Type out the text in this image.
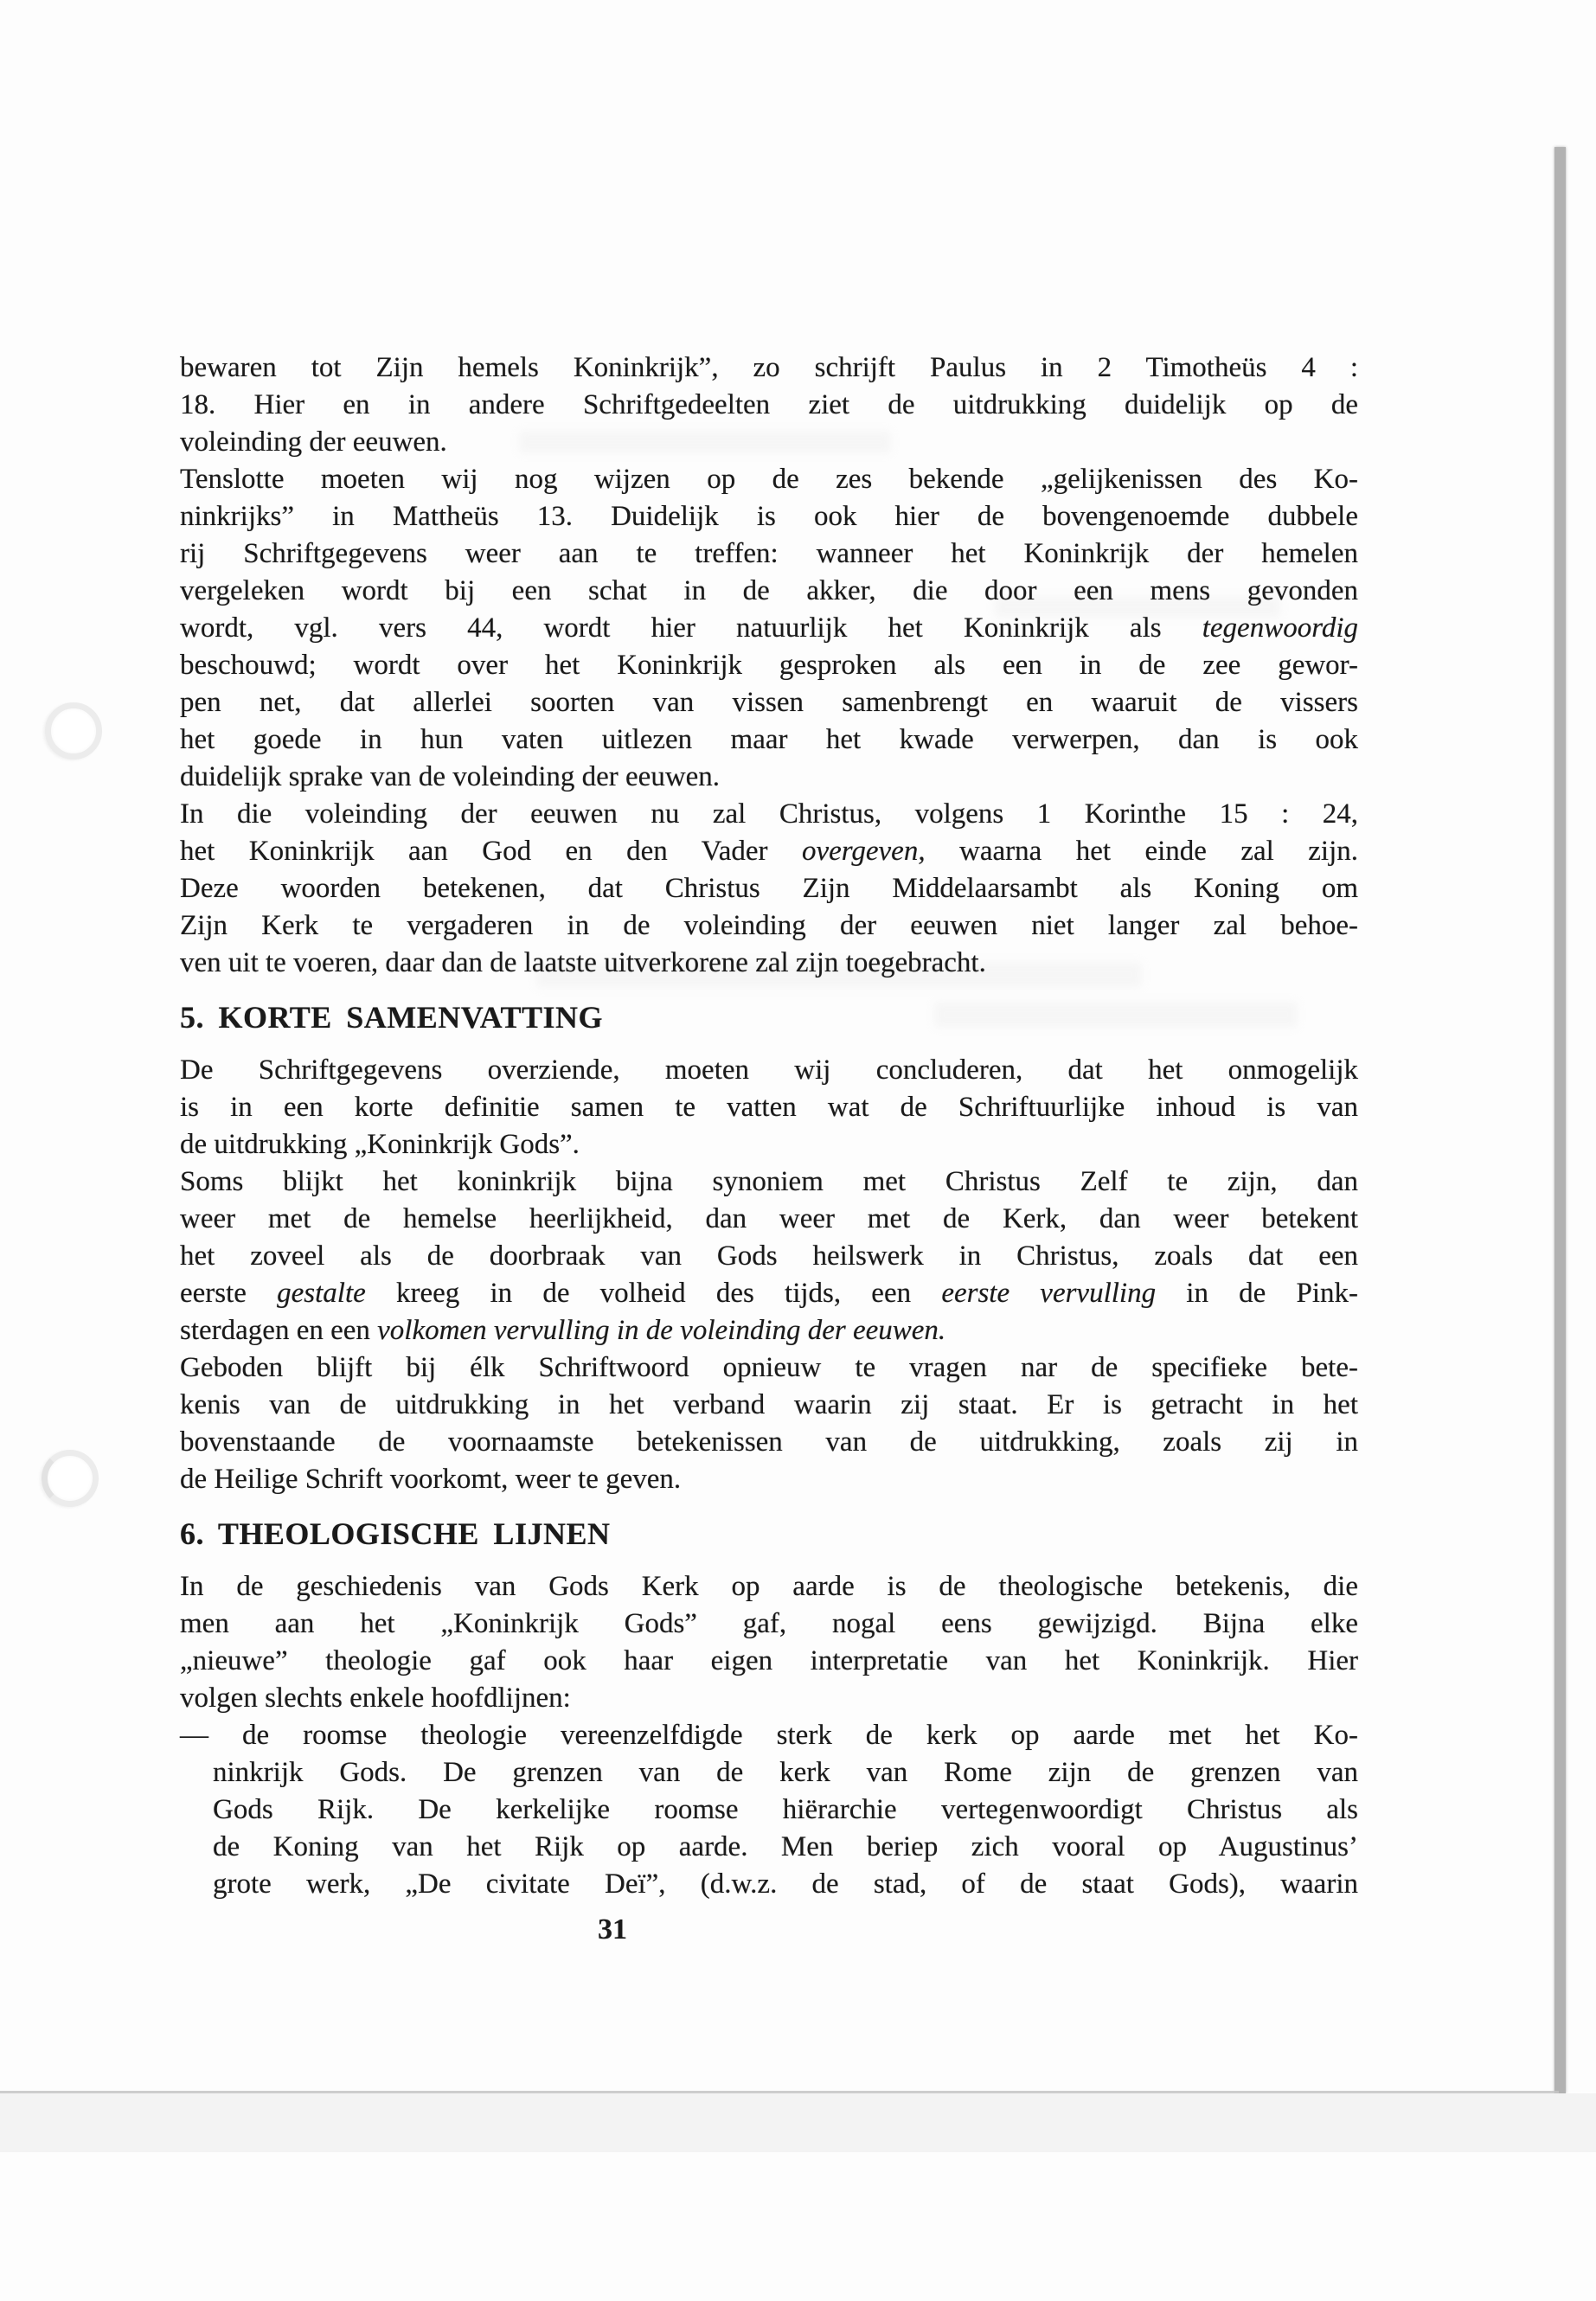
bewaren tot Zijn hemels Koninkrijk”, zo schrijft Paulus in 2 Timotheüs 4 :
18. Hier en in andere Schriftgedeelten ziet de uitdrukking duidelijk op de
voleinding der eeuwen.
Tenslotte moeten wij nog wijzen op de zes bekende „gelijkenissen des Ko-
ninkrijks” in Mattheüs 13. Duidelijk is ook hier de bovengenoemde dubbele
rij Schriftgegevens weer aan te treffen: wanneer het Koninkrijk der hemelen
vergeleken wordt bij een schat in de akker, die door een mens gevonden
wordt, vgl. vers 44, wordt hier natuurlijk het Koninkrijk als tegenwoordig
beschouwd; wordt over het Koninkrijk gesproken als een in de zee gewor-
pen net, dat allerlei soorten van vissen samenbrengt en waaruit de vissers
het goede in hun vaten uitlezen maar het kwade verwerpen, dan is ook
duidelijk sprake van de voleinding der eeuwen.
In die voleinding der eeuwen nu zal Christus, volgens 1 Korinthe 15 : 24,
het Koninkrijk aan God en den Vader overgeven, waarna het einde zal zijn.
Deze woorden betekenen, dat Christus Zijn Middelaarsambt als Koning om
Zijn Kerk te vergaderen in de voleinding der eeuwen niet langer zal behoe-
ven uit te voeren, daar dan de laatste uitverkorene zal zijn toegebracht.
5. KORTE SAMENVATTING
De Schriftgegevens overziende, moeten wij concluderen, dat het onmogelijk
is in een korte definitie samen te vatten wat de Schriftuurlijke inhoud is van
de uitdrukking „Koninkrijk Gods”.
Soms blijkt het koninkrijk bijna synoniem met Christus Zelf te zijn, dan
weer met de hemelse heerlijkheid, dan weer met de Kerk, dan weer betekent
het zoveel als de doorbraak van Gods heilswerk in Christus, zoals dat een
eerste gestalte kreeg in de volheid des tijds, een eerste vervulling in de Pink-
sterdagen en een volkomen vervulling in de voleinding der eeuwen.
Geboden blijft bij élk Schriftwoord opnieuw te vragen nar de specifieke bete-
kenis van de uitdrukking in het verband waarin zij staat. Er is getracht in het
bovenstaande de voornaamste betekenissen van de uitdrukking, zoals zij in
de Heilige Schrift voorkomt, weer te geven.
6. THEOLOGISCHE LIJNEN
In de geschiedenis van Gods Kerk op aarde is de theologische betekenis, die
men aan het „Koninkrijk Gods” gaf, nogal eens gewijzigd. Bijna elke
„nieuwe” theologie gaf ook haar eigen interpretatie van het Koninkrijk. Hier
volgen slechts enkele hoofdlijnen:
— de roomse theologie vereenzelfdigde sterk de kerk op aarde met het Ko-
ninkrijk Gods. De grenzen van de kerk van Rome zijn de grenzen van
Gods Rijk. De kerkelijke roomse hiërarchie vertegenwoordigt Christus als
de Koning van het Rijk op aarde. Men beriep zich vooral op Augustinus’
grote werk, „De civitate Deï”, (d.w.z. de stad, of de staat Gods), waarin
31
